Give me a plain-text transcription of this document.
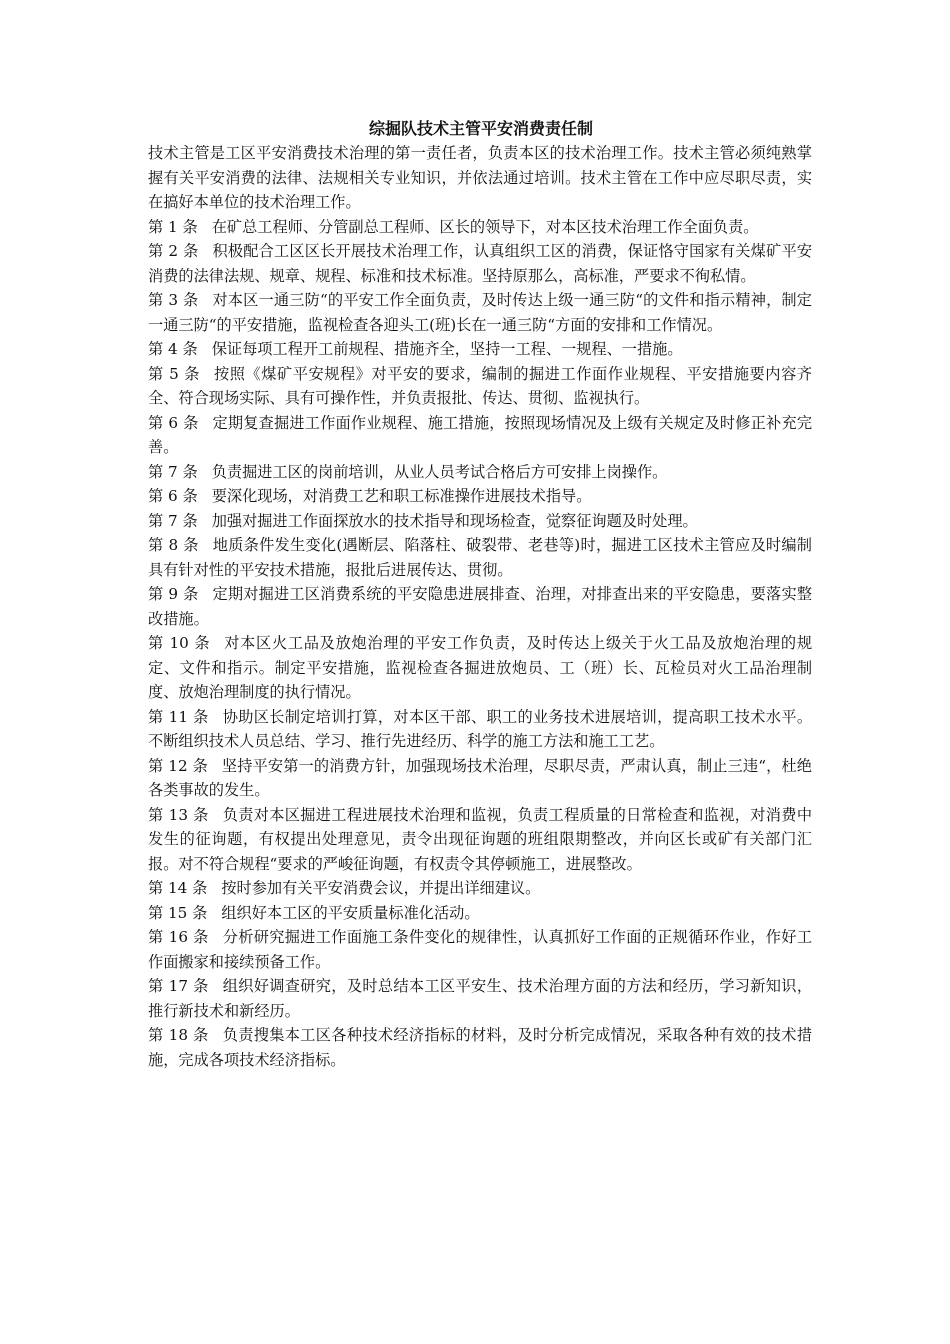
综掘队技术主管平安消费责任制

技术主管是工区平安消费技术治理的第一责任者，负责本区的技术治理工作。技术主管必须纯熟掌握有关平安消费的法律、法规相关专业知识，并依法通过培训。技术主管在工作中应尽职尽责，实在搞好本单位的技术治理工作。

第 1 条 在矿总工程师、分管副总工程师、区长的领导下，对本区技术治理工作全面负责。

第 2 条 积极配合工区区长开展技术治理工作，认真组织工区的消费，保证恪守国家有关煤矿平安消费的法律法规、规章、规程、标准和技术标准。坚持原那么，高标准，严要求不徇私情。

第 3 条 对本区一通三防“的平安工作全面负责，及时传达上级一通三防“的文件和指示精神，制定一通三防“的平安措施，监视检查各迎头工(班)长在一通三防“方面的安排和工作情况。

第 4 条 保证每项工程开工前规程、措施齐全，坚持一工程、一规程、一措施。

第 5 条 按照《煤矿平安规程》对平安的要求，编制的掘进工作面作业规程、平安措施要内容齐全、符合现场实际、具有可操作性，并负责报批、传达、贯彻、监视执行。

第 6 条 定期复查掘进工作面作业规程、施工措施，按照现场情况及上级有关规定及时修正补充完善。

第 7 条 负责掘进工区的岗前培训，从业人员考试合格后方可安排上岗操作。

第 6 条 要深化现场，对消费工艺和职工标准操作进展技术指导。

第 7 条 加强对掘进工作面探放水的技术指导和现场检查，觉察征询题及时处理。

第 8 条 地质条件发生变化(遇断层、陷落柱、破裂带、老巷等)时，掘进工区技术主管应及时编制具有针对性的平安技术措施，报批后进展传达、贯彻。

第 9 条 定期对掘进工区消费系统的平安隐患进展排查、治理，对排查出来的平安隐患，要落实整改措施。

第 10 条 对本区火工品及放炮治理的平安工作负责，及时传达上级关于火工品及放炮治理的规定、文件和指示。制定平安措施，监视检查各掘进放炮员、工（班）长、瓦检员对火工品治理制度、放炮治理制度的执行情况。

第 11 条 协助区长制定培训打算，对本区干部、职工的业务技术进展培训，提高职工技术水平。不断组织技术人员总结、学习、推行先进经历、科学的施工方法和施工工艺。

第 12 条 坚持平安第一的消费方针，加强现场技术治理，尽职尽责，严肃认真，制止三违“，杜绝各类事故的发生。

第 13 条 负责对本区掘进工程进展技术治理和监视，负责工程质量的日常检查和监视，对消费中发生的征询题，有权提出处理意见，责令出现征询题的班组限期整改，并向区长或矿有关部门汇报。对不符合规程“要求的严峻征询题，有权责令其停顿施工，进展整改。

第 14 条 按时参加有关平安消费会议，并提出详细建议。

第 15 条 组织好本工区的平安质量标准化活动。

第 16 条 分析研究掘进工作面施工条件变化的规律性，认真抓好工作面的正规循环作业，作好工作面搬家和接续预备工作。

第 17 条 组织好调查研究，及时总结本工区平安生、技术治理方面的方法和经历，学习新知识，推行新技术和新经历。

第 18 条 负责搜集本工区各种技术经济指标的材料，及时分析完成情况，采取各种有效的技术措施，完成各项技术经济指标。
